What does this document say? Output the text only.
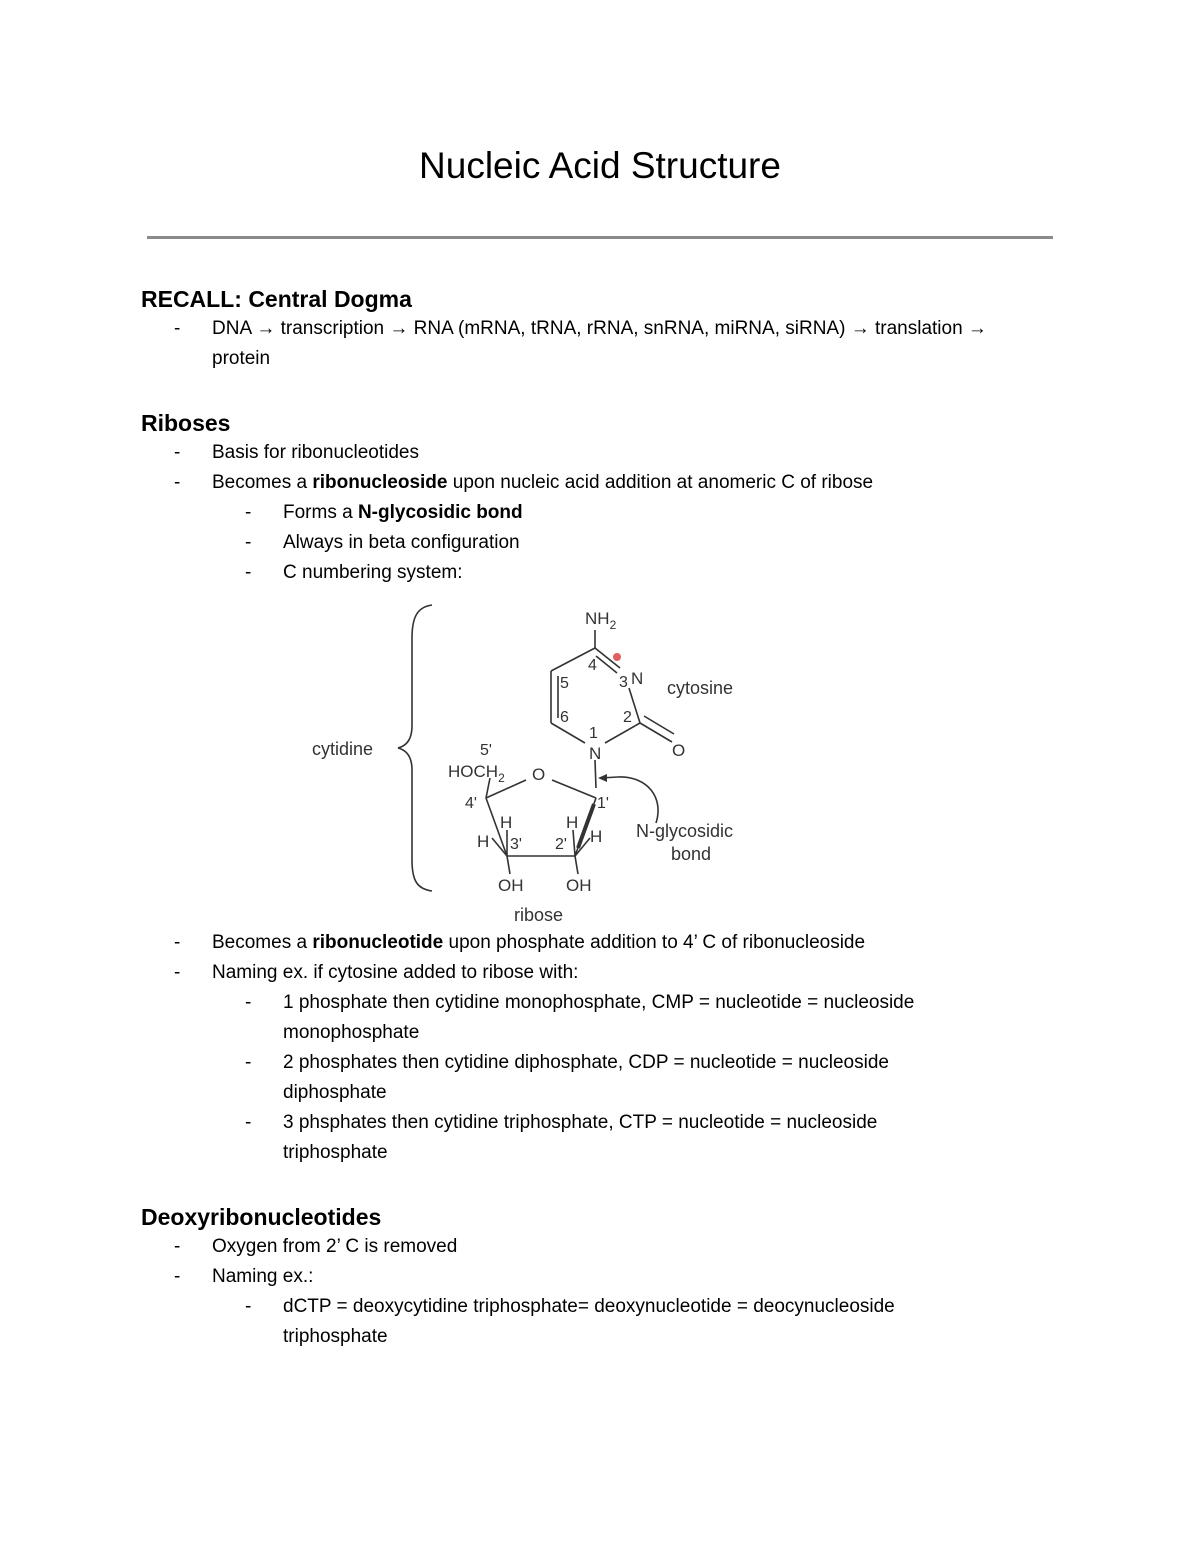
Nucleic Acid Structure
RECALL: Central Dogma
- DNA → transcription → RNA (mRNA, tRNA, rRNA, snRNA, miRNA, siRNA) → translation →
protein
Riboses
- Basis for ribonucleotides
- Becomes a ribonucleoside upon nucleic acid addition at anomeric C of ribose
- Forms a N-glycosidic bond
- Always in beta configuration
- C numbering system:
cytidine
$NH_2$
N
N	O
O
$HOCH_2$
OH	OH
H
H	H
H
4
5	3
6	2
1
5'
4'
3' 2'
1'
cytosine
ribose
N-glycosidic
bond
- Becomes a ribonucleotide upon phosphate addition to 4’ C of ribonucleoside
- Naming ex. if cytosine added to ribose with:
- 1 phosphate then cytidine monophosphate, CMP = nucleotide = nucleoside
monophosphate
- 2 phosphates then cytidine diphosphate, CDP = nucleotide = nucleoside
diphosphate
- 3 phsphates then cytidine triphosphate, CTP = nucleotide = nucleoside
triphosphate
Deoxyribonucleotides
- Oxygen from 2’ C is removed
- Naming ex.:
- dCTP = deoxycytidine triphosphate= deoxynucleotide = deocynucleoside
triphosphate
